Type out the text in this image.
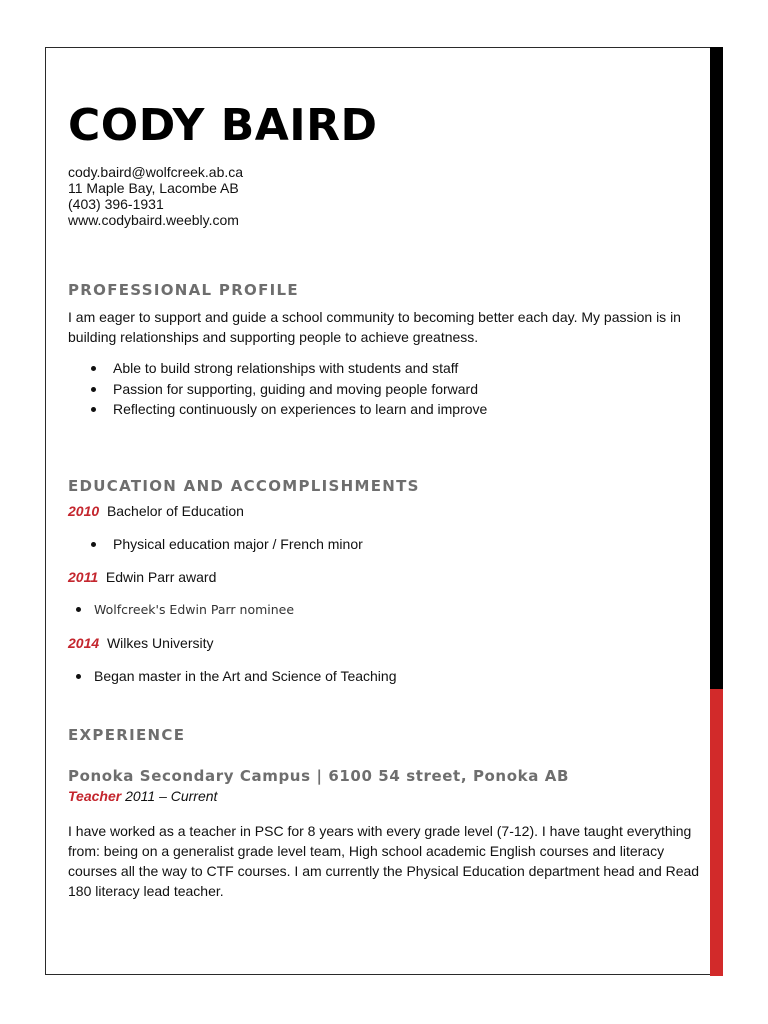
CODY BAIRD
cody.baird@wolfcreek.ab.ca
11 Maple Bay, Lacombe AB
(403) 396-1931
www.codybaird.weebly.com
PROFESSIONAL PROFILE
I am eager to support and guide a school community to becoming better each day. My passion is in
building relationships and supporting people to achieve greatness.
Able to build strong relationships with students and staff
Passion for supporting, guiding and moving people forward
Reflecting continuously on experiences to learn and improve
EDUCATION AND ACCOMPLISHMENTS
2010 Bachelor of Education
Physical education major / French minor
2011 Edwin Parr award
Wolfcreek's Edwin Parr nominee
2014 Wilkes University
Began master in the Art and Science of Teaching
EXPERIENCE
Ponoka Secondary Campus | 6100 54 street, Ponoka AB
Teacher 2011 – Current
I have worked as a teacher in PSC for 8 years with every grade level (7-12). I have taught everything
from: being on a generalist grade level team, High school academic English courses and literacy
courses all the way to CTF courses. I am currently the Physical Education department head and Read
180 literacy lead teacher.
